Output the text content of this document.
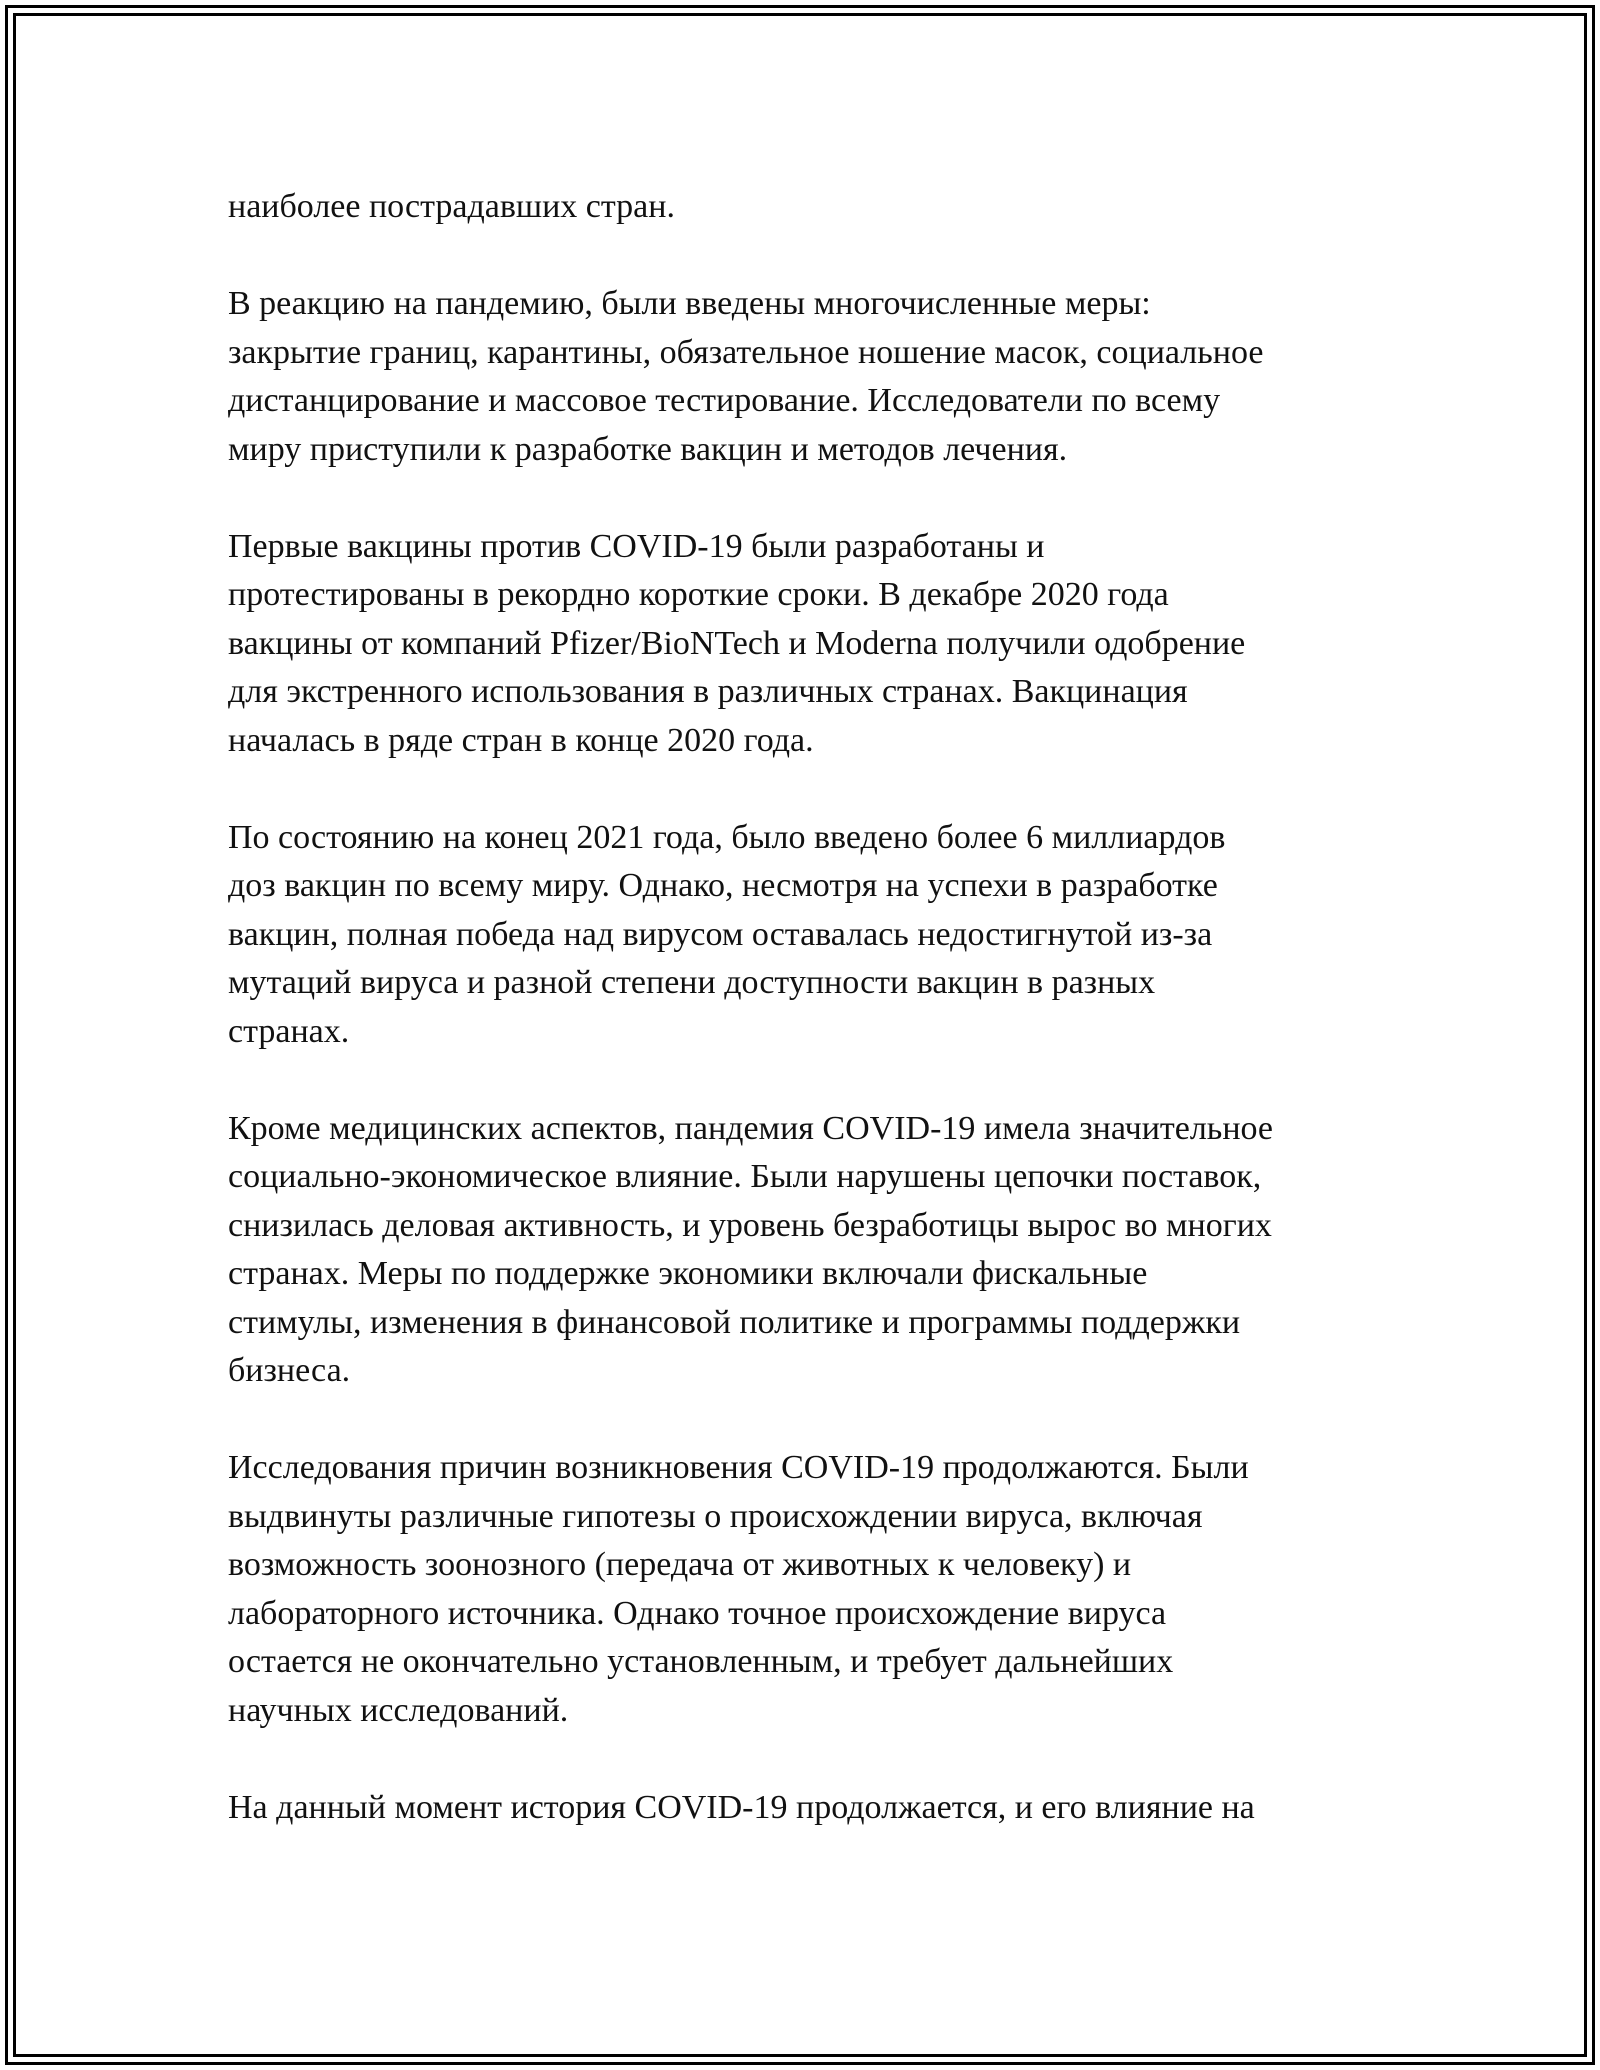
наиболее пострадавших стран.

В реакцию на пандемию, были введены многочисленные меры:
закрытие границ, карантины, обязательное ношение масок, социальное
дистанцирование и массовое тестирование. Исследователи по всему
миру приступили к разработке вакцин и методов лечения.

Первые вакцины против COVID-19 были разработаны и
протестированы в рекордно короткие сроки. В декабре 2020 года
вакцины от компаний Pfizer/BioNTech и Moderna получили одобрение
для экстренного использования в различных странах. Вакцинация
началась в ряде стран в конце 2020 года.

По состоянию на конец 2021 года, было введено более 6 миллиардов
доз вакцин по всему миру. Однако, несмотря на успехи в разработке
вакцин, полная победа над вирусом оставалась недостигнутой из-за
мутаций вируса и разной степени доступности вакцин в разных
странах.

Кроме медицинских аспектов, пандемия COVID-19 имела значительное
социально-экономическое влияние. Были нарушены цепочки поставок,
снизилась деловая активность, и уровень безработицы вырос во многих
странах. Меры по поддержке экономики включали фискальные
стимулы, изменения в финансовой политике и программы поддержки
бизнеса.

Исследования причин возникновения COVID-19 продолжаются. Были
выдвинуты различные гипотезы о происхождении вируса, включая
возможность зоонозного (передача от животных к человеку) и
лабораторного источника. Однако точное происхождение вируса
остается не окончательно установленным, и требует дальнейших
научных исследований.

На данный момент история COVID-19 продолжается, и его влияние на
